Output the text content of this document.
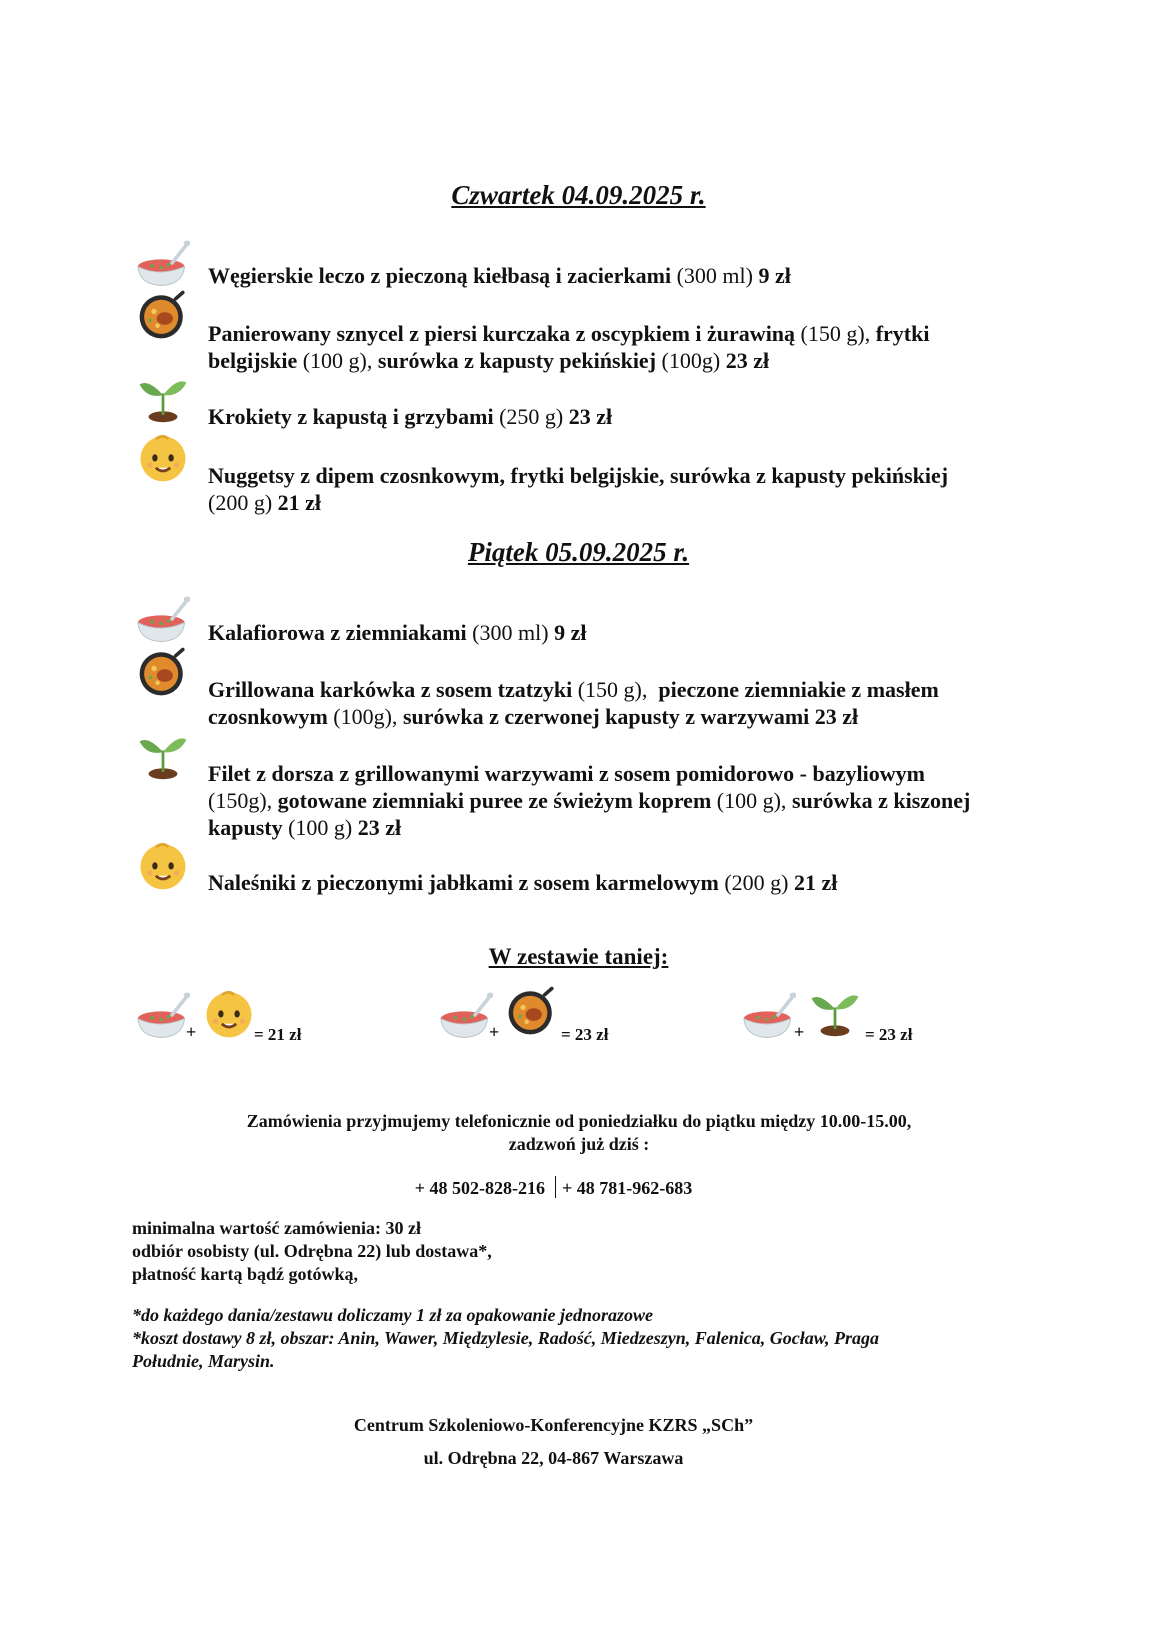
Czwartek 04.09.2025 r.
Węgierskie leczo z pieczoną kiełbasą i zacierkami (300 ml) 9 zł
Panierowany sznycel z piersi kurczaka z oscypkiem i żurawiną (150 g), frytki
belgijskie (100 g), surówka z kapusty pekińskiej (100g) 23 zł
Krokiety z kapustą i grzybami (250 g) 23 zł
Nuggetsy z dipem czosnkowym, frytki belgijskie, surówka z kapusty pekińskiej
(200 g) 21 zł
Piątek 05.09.2025 r.
Kalafiorowa z ziemniakami (300 ml) 9 zł
Grillowana karkówka z sosem tzatzyki (150 g), pieczone ziemniakie z masłem
czosnkowym (100g), surówka z czerwonej kapusty z warzywami 23 zł
Filet z dorsza z grillowanymi warzywami z sosem pomidorowo - bazyliowym
(150g), gotowane ziemniaki puree ze świeżym koprem (100 g), surówka z kiszonej
kapusty (100 g) 23 zł
Naleśniki z pieczonymi jabłkami z sosem karmelowym (200 g) 21 zł
W zestawie taniej:
+	= 21 zł	+	= 23 zł	+	= 23 zł
Zamówienia przyjmujemy telefonicznie od poniedziałku do piątku między 10.00-15.00,
zadzwoń już dziś :
+ 48 502-828-216 + 48 781-962-683
minimalna wartość zamówienia: 30 zł
odbiór osobisty (ul. Odrębna 22) lub dostawa*,
płatność kartą bądź gotówką,
*do każdego dania/zestawu doliczamy 1 zł za opakowanie jednorazowe
*koszt dostawy 8 zł, obszar: Anin, Wawer, Międzylesie, Radość, Miedzeszyn, Falenica, Gocław, Praga
Południe, Marysin.
Centrum Szkoleniowo-Konferencyjne KZRS „SCh”
ul. Odrębna 22, 04-867 Warszawa
